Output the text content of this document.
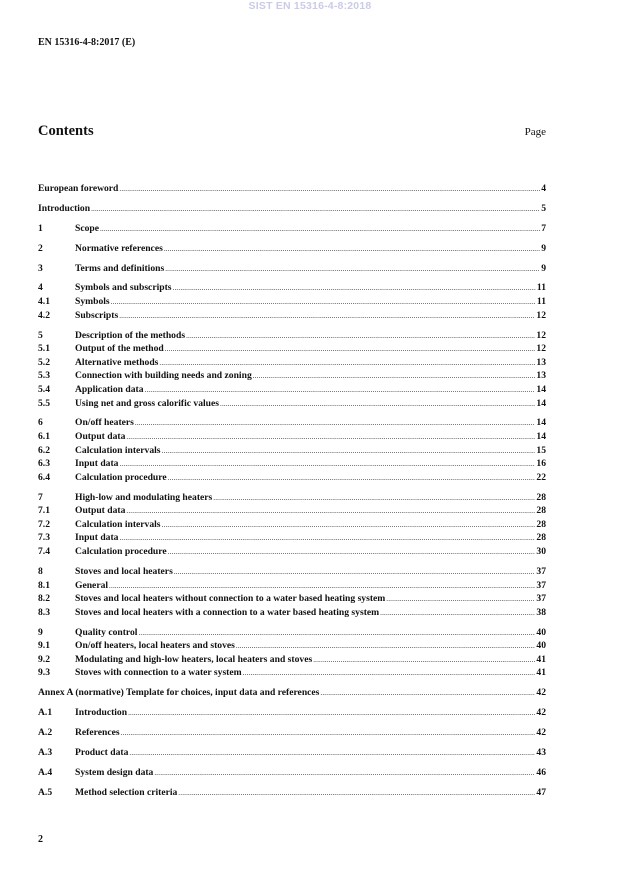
SIST EN 15316-4-8:2018
EN 15316-4-8:2017 (E)
Contents	Page
European foreword .....	4
Introduction .....	5
1	Scope .....	7
2	Normative references .....	9
3	Terms and definitions .....	9
4	Symbols and subscripts .....	11
4.1	Symbols .....	11
4.2	Subscripts .....	12
5	Description of the methods .....	12
5.1	Output of the method .....	12
5.2	Alternative methods .....	13
5.3	Connection with building needs and zoning .....	13
5.4	Application data .....	14
5.5	Using net and gross calorific values .....	14
6	On/off heaters .....	14
6.1	Output data .....	14
6.2	Calculation intervals .....	15
6.3	Input data .....	16
6.4	Calculation procedure .....	22
7	High-low and modulating heaters .....	28
7.1	Output data .....	28
7.2	Calculation intervals .....	28
7.3	Input data .....	28
7.4	Calculation procedure .....	30
8	Stoves and local heaters .....	37
8.1	General .....	37
8.2	Stoves and local heaters without connection to a water based heating system .....	37
8.3	Stoves and local heaters with a connection to a water based heating system .....	38
9	Quality control .....	40
9.1	On/off heaters, local heaters and stoves .....	40
9.2	Modulating and high-low heaters, local heaters and stoves .....	41
9.3	Stoves with connection to a water system .....	41
Annex A (normative) Template for choices, input data and references .....	42
A.1	Introduction .....	42
A.2	References .....	42
A.3	Product data .....	43
A.4	System design data .....	46
A.5	Method selection criteria .....	47
2
